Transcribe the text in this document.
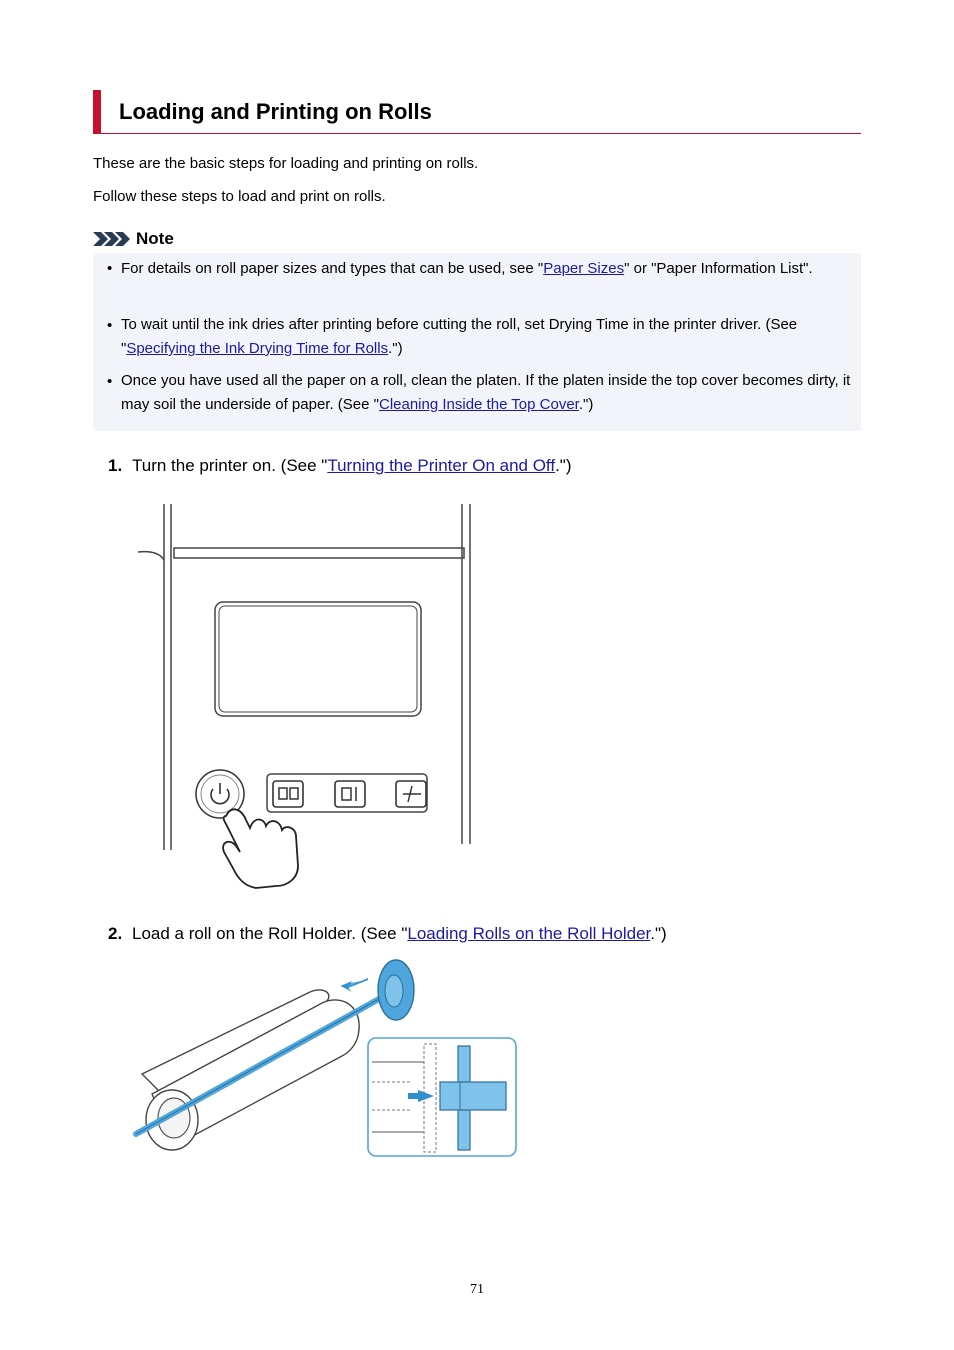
Loading and Printing on Rolls

These are the basic steps for loading and printing on rolls.

Follow these steps to load and print on rolls.

Note
• For details on roll paper sizes and types that can be used, see "Paper Sizes" or "Paper Information List".
• To wait until the ink dries after printing before cutting the roll, set Drying Time in the printer driver. (See "Specifying the Ink Drying Time for Rolls.")
• Once you have used all the paper on a roll, clean the platen. If the platen inside the top cover becomes dirty, it may soil the underside of paper. (See "Cleaning Inside the Top Cover.")

1. Turn the printer on. (See "Turning the Printer On and Off.")

2. Load a roll on the Roll Holder. (See "Loading Rolls on the Roll Holder.")

71
